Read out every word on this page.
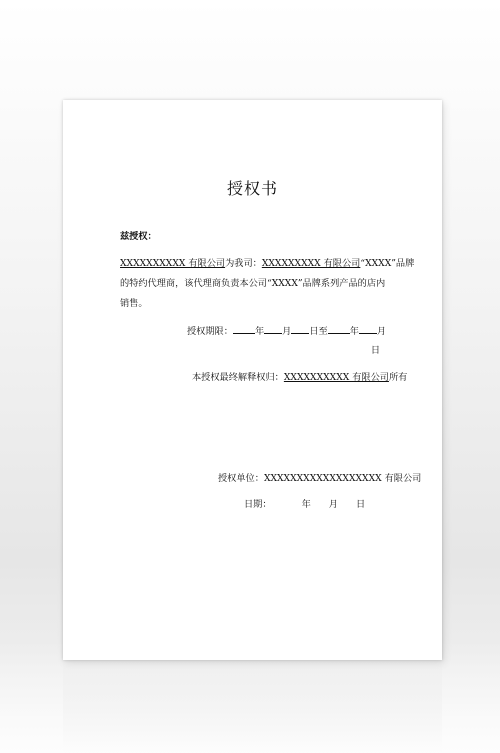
授权书
兹授权：
XXXXXXXXXX 有限公司为我司：XXXXXXXXX 有限公司“XXXX”品牌
的特约代理商，该代理商负责本公司“XXXX”品牌系列产品的店内
销售。
授权期限： 年 月 日至 年 月
日
本授权最终解释权归：XXXXXXXXXX 有限公司所有
授权单位：XXXXXXXXXXXXXXXXXX 有限公司
日期：	年 月 日
